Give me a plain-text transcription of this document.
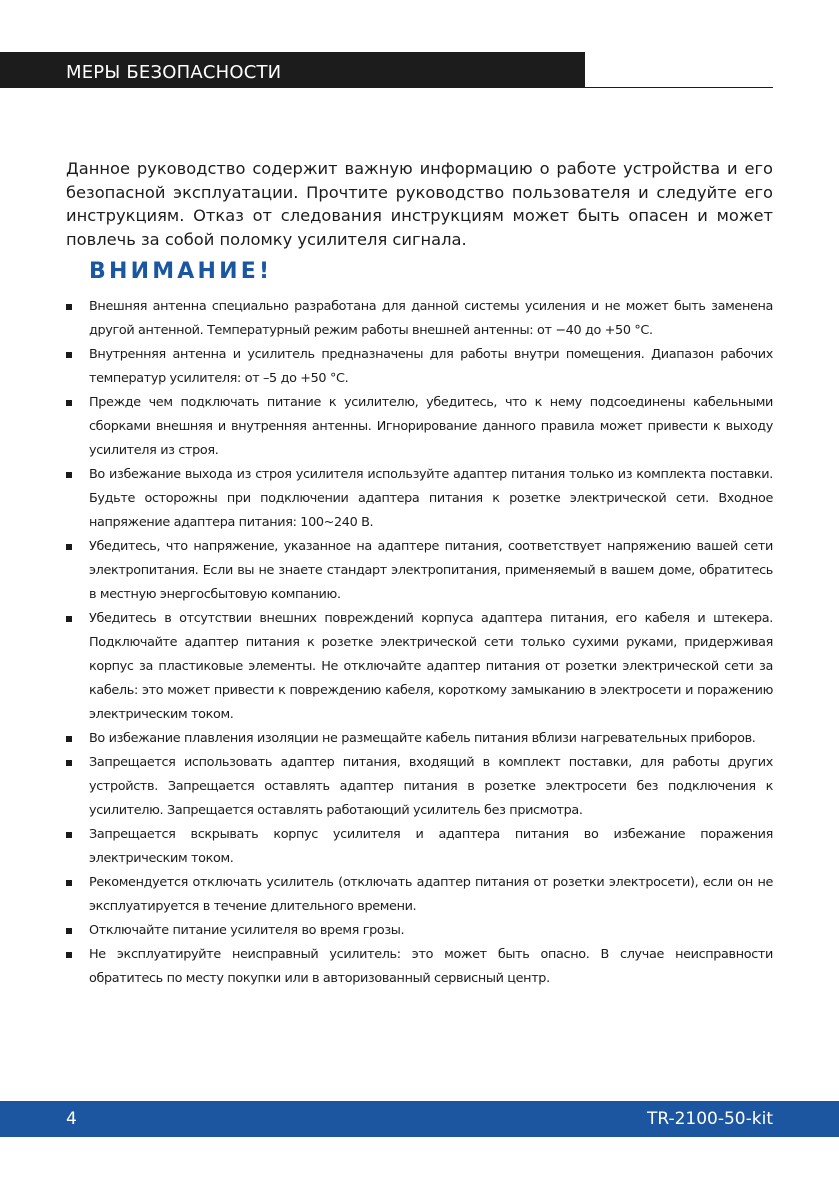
МЕРЫ БЕЗОПАСНОСТИ

Данное руководство содержит важную информацию о работе устройства и его безопасной эксплуатации. Прочтите руководство пользователя и следуйте его инструкциям. Отказ от следования инструкциям может быть опасен и может повлечь за собой поломку усилителя сигнала.

ВНИМАНИЕ!
Внешняя антенна специально разработана для данной системы усиления и не может быть заменена другой антенной. Температурный режим работы внешней антенны: от −40 до +50 °С.
Внутренняя антенна и усилитель предназначены для работы внутри помещения. Диапазон рабочих температур усилителя: от –5 до +50 °С.
Прежде чем подключать питание к усилителю, убедитесь, что к нему подсоединены кабельными сборками внешняя и внутренняя антенны. Игнорирование данного правила может привести к выходу усилителя из строя.
Во избежание выхода из строя усилителя используйте адаптер питания только из комплекта поставки. Будьте осторожны при подключении адаптера питания к розетке электрической сети. Входное напряжение адаптера питания: 100~240 В.
Убедитесь, что напряжение, указанное на адаптере питания, соответствует напряжению вашей сети электропитания. Если вы не знаете стандарт электропитания, применяемый в вашем доме, обратитесь в местную энергосбытовую компанию.
Убедитесь в отсутствии внешних повреждений корпуса адаптера питания, его кабеля и штекера. Подключайте адаптер питания к розетке электрической сети только сухими руками, придерживая корпус за пластиковые элементы. Не отключайте адаптер питания от розетки электрической сети за кабель: это может привести к повреждению кабеля, короткому замыканию в электросети и поражению электрическим током.
Во избежание плавления изоляции не размещайте кабель питания вблизи нагревательных приборов.
Запрещается использовать адаптер питания, входящий в комплект поставки, для работы других устройств. Запрещается оставлять адаптер питания в розетке электросети без подключения к усилителю. Запрещается оставлять работающий усилитель без присмотра.
Запрещается вскрывать корпус усилителя и адаптера питания во избежание поражения электрическим током.
Рекомендуется отключать усилитель (отключать адаптер питания от розетки электросети), если он не эксплуатируется в течение длительного времени.
Отключайте питание усилителя во время грозы.
Не эксплуатируйте неисправный усилитель: это может быть опасно. В случае неисправности обратитесь по месту покупки или в авторизованный сервисный центр.
4	TR-2100-50-kit
